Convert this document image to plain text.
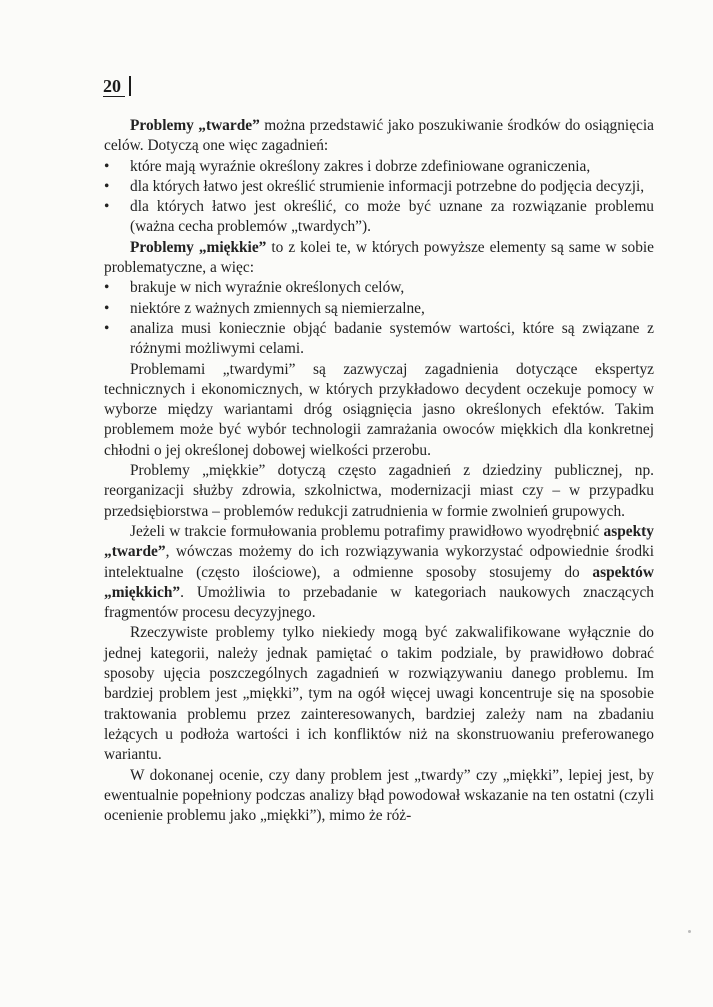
20

Problemy „twarde” można przedstawić jako poszukiwanie środków do osiągnięcia celów. Dotyczą one więc zagadnień:

• które mają wyraźnie określony zakres i dobrze zdefiniowane ograniczenia,
• dla których łatwo jest określić strumienie informacji potrzebne do podjęcia decyzji,
• dla których łatwo jest określić, co może być uznane za rozwiązanie problemu (ważna cecha problemów „twardych”).

Problemy „miękkie” to z kolei te, w których powyższe elementy są same w sobie problematyczne, a więc:

• brakuje w nich wyraźnie określonych celów,
• niektóre z ważnych zmiennych są niemierzalne,
• analiza musi koniecznie objąć badanie systemów wartości, które są związane z różnymi możliwymi celami.

Problemami „twardymi” są zazwyczaj zagadnienia dotyczące ekspertyz technicznych i ekonomicznych, w których przykładowo decydent oczekuje pomocy w wyborze między wariantami dróg osiągnięcia jasno określonych efektów. Takim problemem może być wybór technologii zamrażania owoców miękkich dla konkretnej chłodni o jej określonej dobowej wielkości przerobu.

Problemy „miękkie” dotyczą często zagadnień z dziedziny publicznej, np. reorganizacji służby zdrowia, szkolnictwa, modernizacji miast czy – w przypadku przedsiębiorstwa – problemów redukcji zatrudnienia w formie zwolnień grupowych.

Jeżeli w trakcie formułowania problemu potrafimy prawidłowo wyodrębnić aspekty „twarde”, wówczas możemy do ich rozwiązywania wykorzystać odpowiednie środki intelektualne (często ilościowe), a odmienne sposoby stosujemy do aspektów „miękkich”. Umożliwia to przebadanie w kategoriach naukowych znaczących fragmentów procesu decyzyjnego.

Rzeczywiste problemy tylko niekiedy mogą być zakwalifikowane wyłącznie do jednej kategorii, należy jednak pamiętać o takim podziale, by prawidłowo dobrać sposoby ujęcia poszczególnych zagadnień w rozwiązywaniu danego problemu. Im bardziej problem jest „miękki”, tym na ogół więcej uwagi koncentruje się na sposobie traktowania problemu przez zainteresowanych, bardziej zależy nam na zbadaniu leżących u podłoża wartości i ich konfliktów niż na skonstruowaniu preferowanego wariantu.

W dokonanej ocenie, czy dany problem jest „twardy” czy „miękki”, lepiej jest, by ewentualnie popełniony podczas analizy błąd powodował wskazanie na ten ostatni (czyli ocenienie problemu jako „miękki”), mimo że róż-
